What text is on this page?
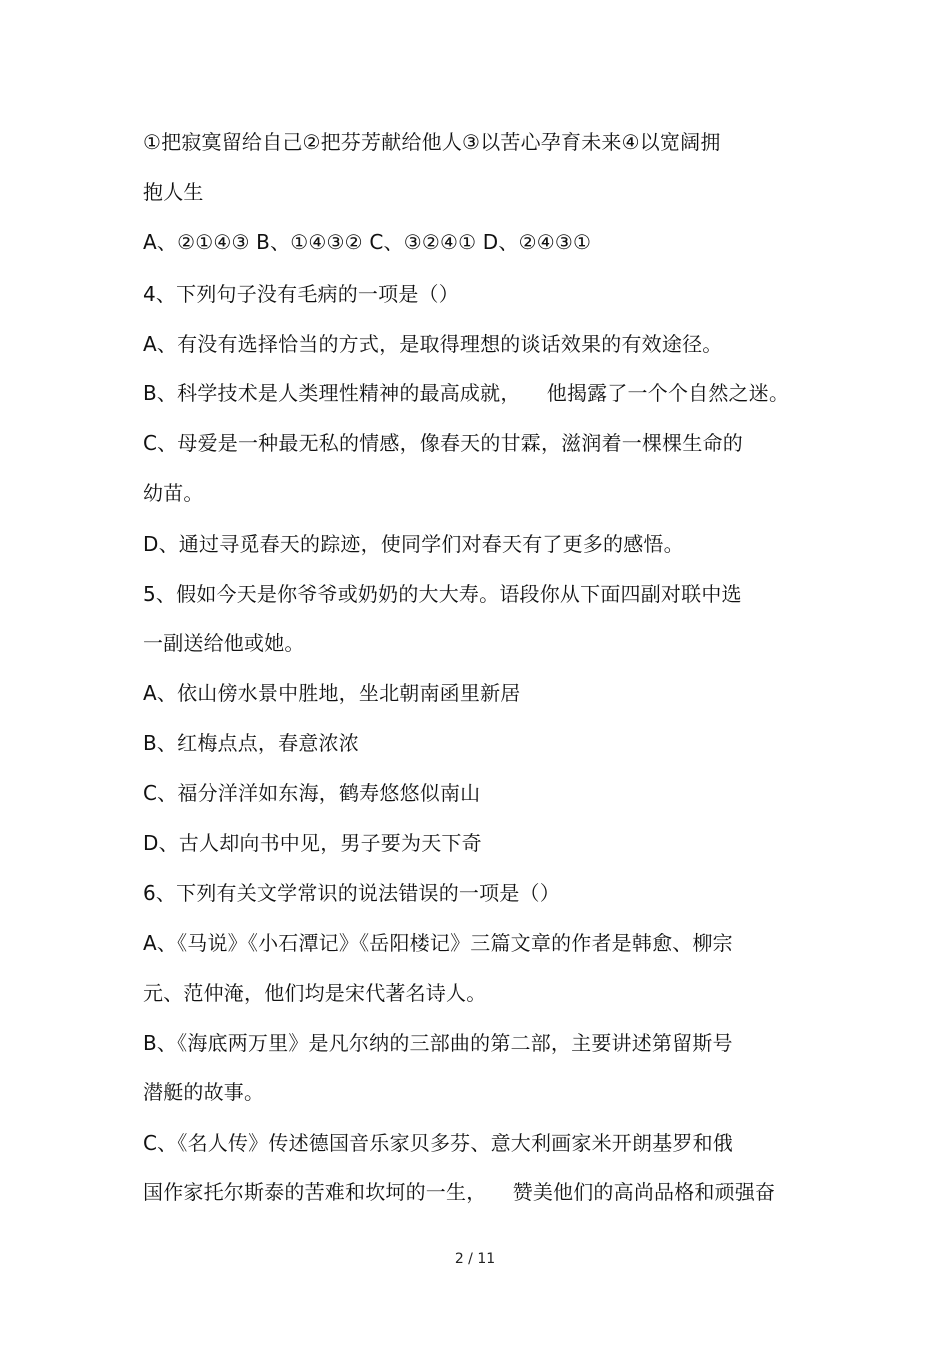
①把寂寞留给自己②把芬芳献给他人③以苦心孕育未来④以宽阔拥
抱人生
A、②①④③ B、①④③② C、③②④① D、②④③①
4、下列句子没有毛病的一项是（）
A、有没有选择恰当的方式，是取得理想的谈话效果的有效途径。
B、科学技术是人类理性精神的最高成就，    他揭露了一个个自然之迷。
C、母爱是一种最无私的情感，像春天的甘霖，滋润着一棵棵生命的
幼苗。
D、通过寻觅春天的踪迹，使同学们对春天有了更多的感悟。
5、假如今天是你爷爷或奶奶的大大寿。语段你从下面四副对联中选
一副送给他或她。
A、依山傍水景中胜地，坐北朝南函里新居
B、红梅点点，春意浓浓
C、福分洋洋如东海，鹤寿悠悠似南山
D、古人却向书中见，男子要为天下奇
6、下列有关文学常识的说法错误的一项是（）
A、《马说》《小石潭记》《岳阳楼记》三篇文章的作者是韩愈、柳宗
元、范仲淹，他们均是宋代著名诗人。
B、《海底两万里》是凡尔纳的三部曲的第二部，主要讲述第留斯号
潜艇的故事。
C、《名人传》传述德国音乐家贝多芬、意大利画家米开朗基罗和俄
国作家托尔斯泰的苦难和坎坷的一生，    赞美他们的高尚品格和顽强奋
2 / 11
